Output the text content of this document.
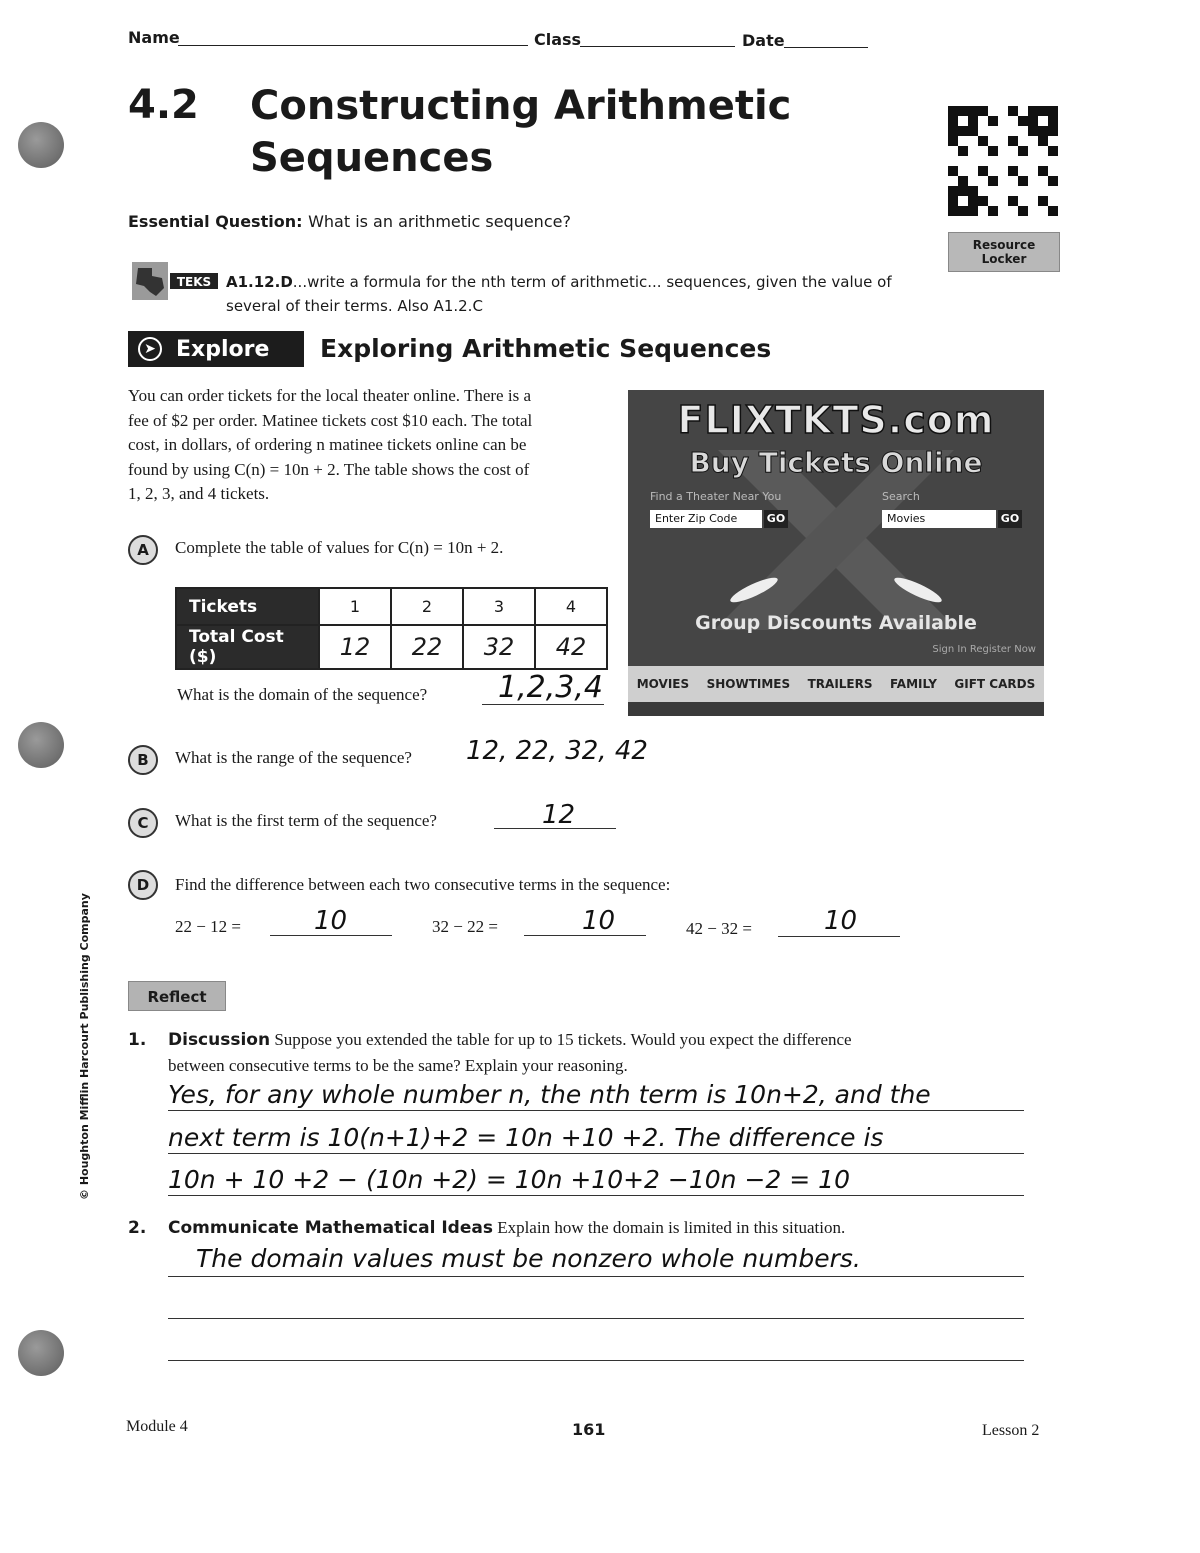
Name	Class	Date
4.2 Constructing Arithmetic
Sequences
Resource
Locker
Essential Question: What is an arithmetic sequence?
TEKS A1.12.D...write a formula for the nth term of arithmetic... sequences, given the value of
several of their terms. Also A1.2.C
➤ Explore Exploring Arithmetic Sequences
You can order tickets for the local theater online. There is a
fee of $2 per order. Matinee tickets cost $10 each. The total
cost, in dollars, of ordering n matinee tickets online can be
found by using C(n) = 10n + 2. The table shows the cost of
1, 2, 3, and 4 tickets.
FLIXTKTS.com
Buy Tickets Online
Find a Theater Near You
Enter Zip Code	GO
Search
Movies	GO
Group Discounts Available
Sign In Register Now
MOVIES SHOWTIMES TRAILERS FAMILY GIFT CARDS
A	Complete the table of values for C(n) = 10n + 2.
Tickets	1	2	3	4
Total Cost ($)	12	22	32	42
What is the domain of the sequence? 1,2,3,4
B	What is the range of the sequence? 12, 22, 32, 42
C	What is the first term of the sequence?	12
D	Find the difference between each two consecutive terms in the sequence:
22 − 12 =	10	32 − 22 =	10	42 − 32 =	10
Reflect
1. Discussion Suppose you extended the table for up to 15 tickets. Would you expect the difference
between consecutive terms to be the same? Explain your reasoning.
Yes, for any whole number n, the nth term is 10n+2, and the
next term is 10(n+1)+2 = 10n +10 +2. The difference is
10n + 10 +2 − (10n +2) = 10n +10+2 −10n −2 = 10
2. Communicate Mathematical Ideas Explain how the domain is limited in this situation.
The domain values must be nonzero whole numbers.
© Houghton Mifflin Harcourt Publishing Company
Module 4	161	Lesson 2
